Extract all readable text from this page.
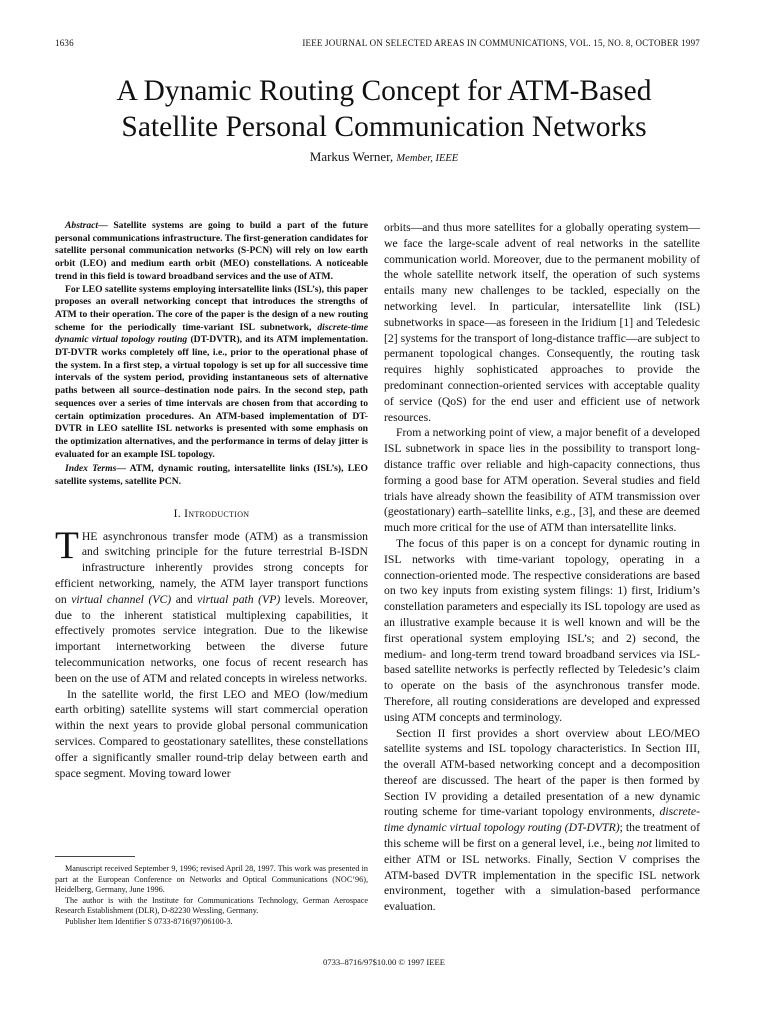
1636	IEEE JOURNAL ON SELECTED AREAS IN COMMUNICATIONS, VOL. 15, NO. 8, OCTOBER 1997
A Dynamic Routing Concept for ATM-Based
Satellite Personal Communication Networks
Markus Werner, Member, IEEE

Abstract— Satellite systems are going to build a part of the future personal communications infrastructure. The first-generation candidates for satellite personal communication networks (S-PCN) will rely on low earth orbit (LEO) and medium earth orbit (MEO) constellations. A noticeable trend in this field is toward broadband services and the use of ATM.

For LEO satellite systems employing intersatellite links (ISL’s), this paper proposes an overall networking concept that introduces the strengths of ATM to their operation. The core of the paper is the design of a new routing scheme for the periodically time-variant ISL subnetwork, discrete-time dynamic virtual topology routing (DT-DVTR), and its ATM implementation. DT-DVTR works completely off line, i.e., prior to the operational phase of the system. In a first step, a virtual topology is set up for all successive time intervals of the system period, providing instantaneous sets of alternative paths between all source–destination node pairs. In the second step, path sequences over a series of time intervals are chosen from that according to certain optimization procedures. An ATM-based implementation of DT-DVTR in LEO satellite ISL networks is presented with some emphasis on the optimization alternatives, and the performance in terms of delay jitter is evaluated for an example ISL topology.

Index Terms— ATM, dynamic routing, intersatellite links (ISL’s), LEO satellite systems, satellite PCN.

I. Introduction

THE asynchronous transfer mode (ATM) as a transmission and switching principle for the future terrestrial B-ISDN infrastructure inherently provides strong concepts for efficient networking, namely, the ATM layer transport functions on virtual channel (VC) and virtual path (VP) levels. Moreover, due to the inherent statistical multiplexing capabilities, it effectively promotes service integration. Due to the likewise important internetworking between the diverse future telecommunication networks, one focus of recent research has been on the use of ATM and related concepts in wireless networks.

In the satellite world, the first LEO and MEO (low/medium earth orbiting) satellite systems will start commercial operation within the next years to provide global personal communication services. Compared to geostationary satellites, these constellations offer a significantly smaller round-trip delay between earth and space segment. Moving toward lower

Manuscript received September 9, 1996; revised April 28, 1997. This work was presented in part at the European Conference on Networks and Optical Communications (NOC’96), Heidelberg, Germany, June 1996.

The author is with the Institute for Communications Technology, German Aerospace Research Establishment (DLR), D-82230 Wessling, Germany.

Publisher Item Identifier S 0733-8716(97)06100-3.

orbits—and thus more satellites for a globally operating system—we face the large-scale advent of real networks in the satellite communication world. Moreover, due to the permanent mobility of the whole satellite network itself, the operation of such systems entails many new challenges to be tackled, especially on the networking level. In particular, intersatellite link (ISL) subnetworks in space—as foreseen in the Iridium [1] and Teledesic [2] systems for the transport of long-distance traffic—are subject to permanent topological changes. Consequently, the routing task requires highly sophisticated approaches to provide the predominant connection-oriented services with acceptable quality of service (QoS) for the end user and efficient use of network resources.

From a networking point of view, a major benefit of a developed ISL subnetwork in space lies in the possibility to transport long-distance traffic over reliable and high-capacity connections, thus forming a good base for ATM operation. Several studies and field trials have already shown the feasibility of ATM transmission over (geostationary) earth–satellite links, e.g., [3], and these are deemed much more critical for the use of ATM than intersatellite links.

The focus of this paper is on a concept for dynamic routing in ISL networks with time-variant topology, operating in a connection-oriented mode. The respective considerations are based on two key inputs from existing system filings: 1) first, Iridium’s constellation parameters and especially its ISL topology are used as an illustrative example because it is well known and will be the first operational system employing ISL’s; and 2) second, the medium- and long-term trend toward broadband services via ISL-based satellite networks is perfectly reflected by Teledesic’s claim to operate on the basis of the asynchronous transfer mode. Therefore, all routing considerations are developed and expressed using ATM concepts and terminology.

Section II first provides a short overview about LEO/MEO satellite systems and ISL topology characteristics. In Section III, the overall ATM-based networking concept and a decomposition thereof are discussed. The heart of the paper is then formed by Section IV providing a detailed presentation of a new dynamic routing scheme for time-variant topology environments, discrete-time dynamic virtual topology routing (DT-DVTR); the treatment of this scheme will be first on a general level, i.e., being not limited to either ATM or ISL networks. Finally, Section V comprises the ATM-based DVTR implementation in the specific ISL network environment, together with a simulation-based performance evaluation.

0733–8716/97$10.00 © 1997 IEEE
